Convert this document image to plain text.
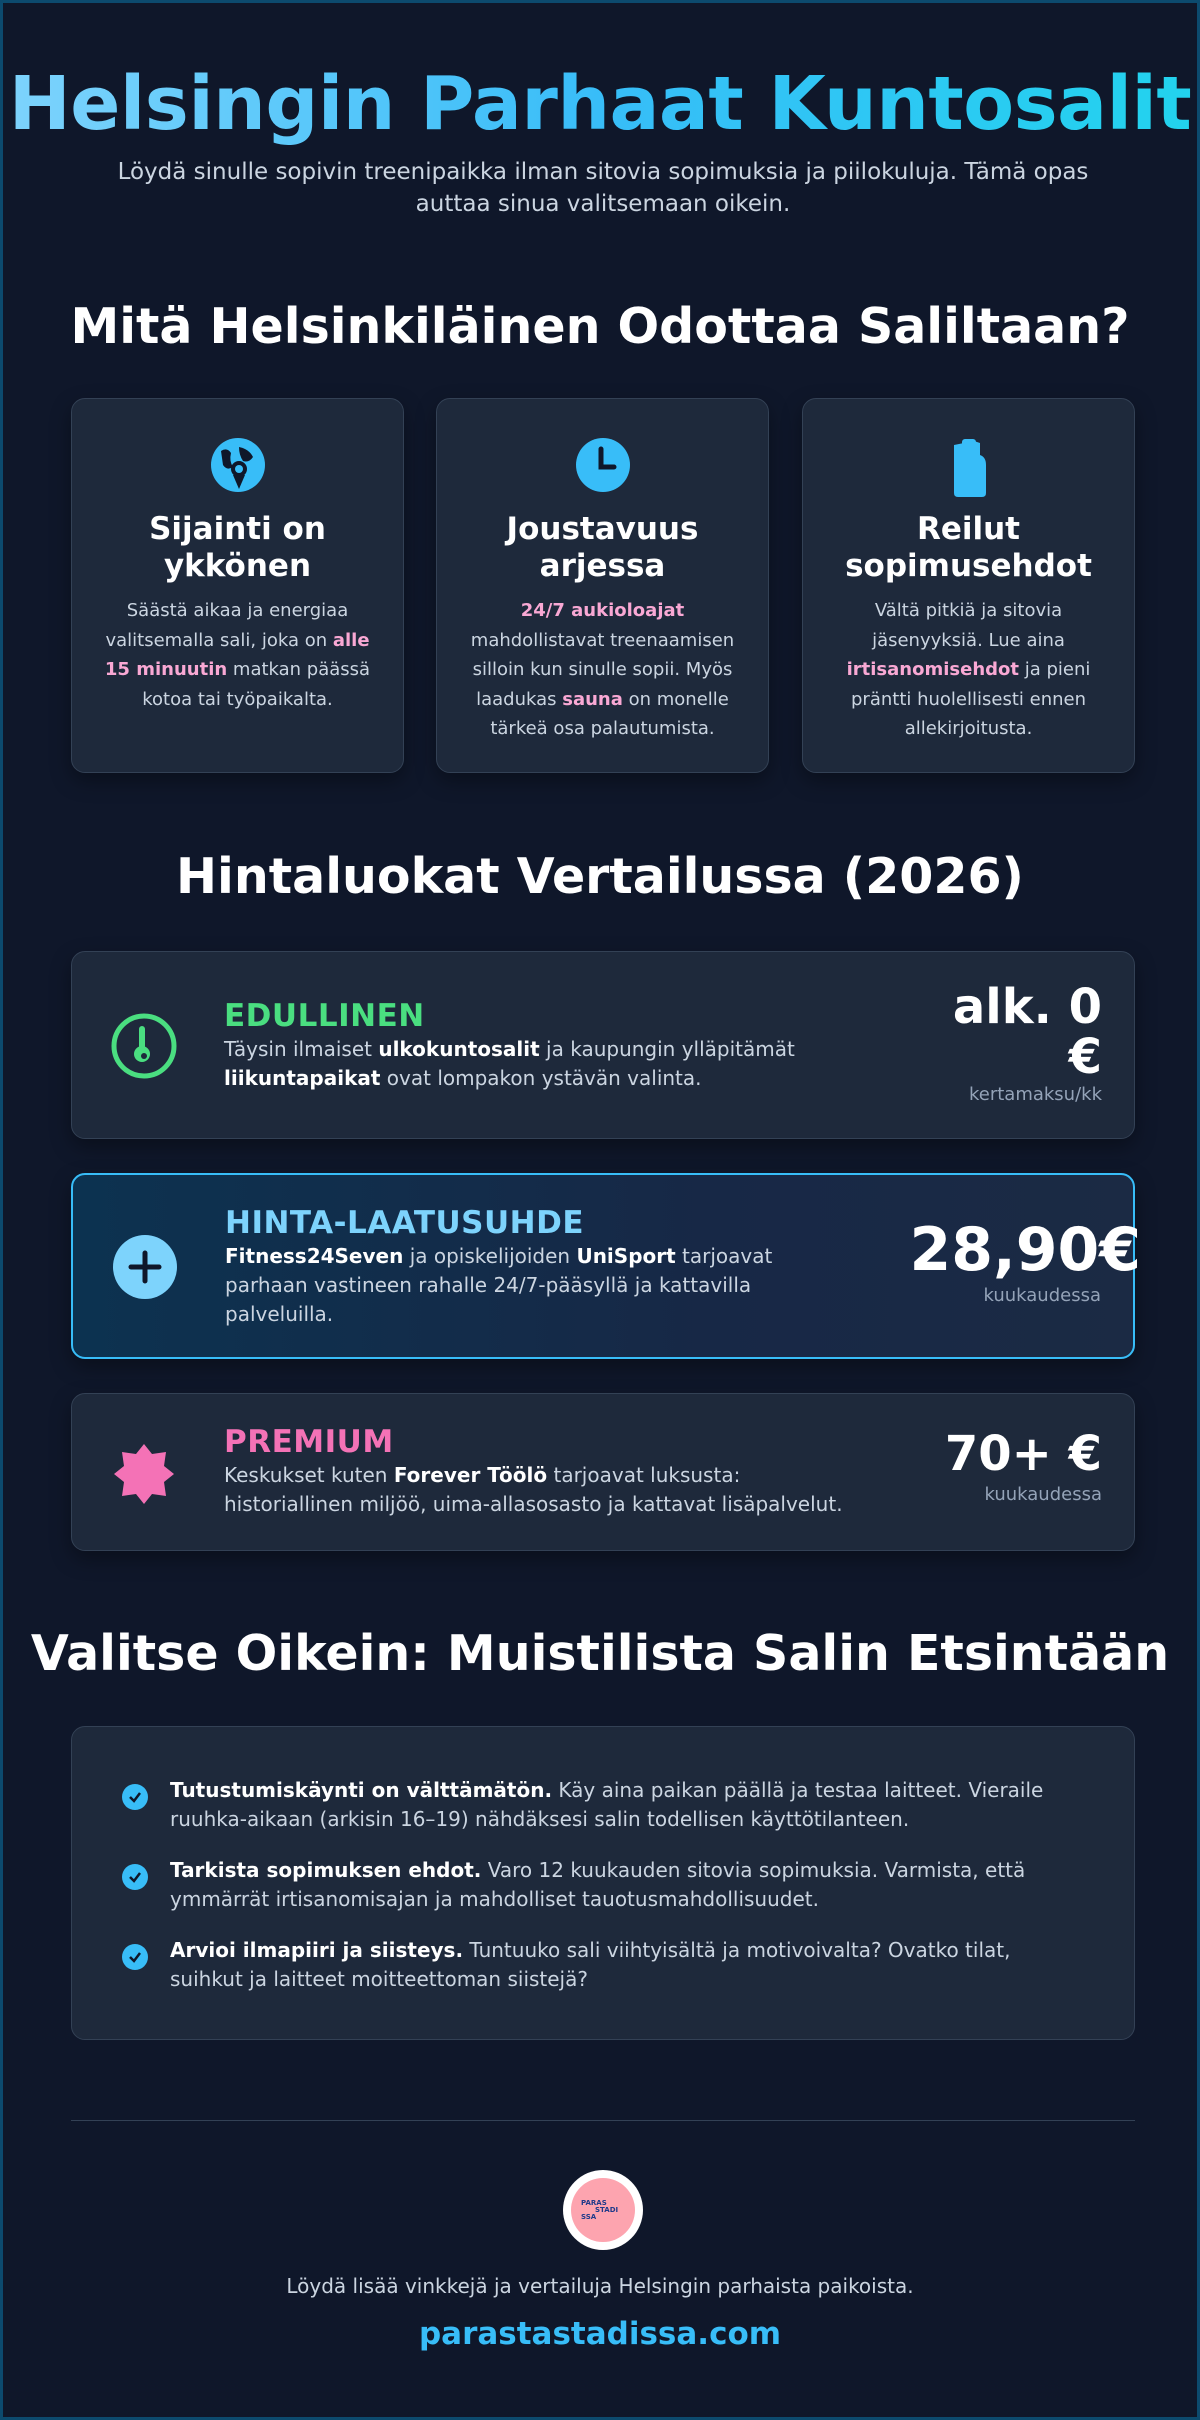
Helsingin Parhaat Kuntosalit

Löydä sinulle sopivin treenipaikka ilman sitovia sopimuksia ja piilokuluja. Tämä opas auttaa sinua valitsemaan oikein.

Mitä Helsinkiläinen Odottaa Saliltaan?
Sijainti on ykkönen

Säästä aikaa ja energiaa valitsemalla sali, joka on alle 15 minuutin matkan päässä kotoa tai työpaikalta.

Joustavuus arjessa

24/7 aukioloajat mahdollistavat treenaamisen silloin kun sinulle sopii. Myös laadukas sauna on monelle tärkeä osa palautumista.

Reilut sopimusehdot

Vältä pitkiä ja sitovia jäsenyyksiä. Lue aina irtisanomisehdot ja pieni präntti huolellisesti ennen allekirjoitusta.

Hintaluokat Vertailussa (2026)
EDULLINEN
Täysin ilmaiset ulkokuntosalit ja kaupungin ylläpitämät liikuntapaikat ovat lompakon ystävän valinta.
alk. 0
€
kertamaksu/kk
HINTA-LAATUSUHDE
Fitness24Seven ja opiskelijoiden UniSport tarjoavat parhaan vastineen rahalle 24/7-pääsyllä ja kattavilla palveluilla.
28,90€
kuukaudessa
PREMIUM
Keskukset kuten Forever Töölö tarjoavat luksusta: historiallinen miljöö, uima-allasosasto ja kattavat lisäpalvelut.
70+ €
kuukaudessa
Valitse Oikein: Muistilista Salin Etsintään
Tutustumiskäynti on välttämätön. Käy aina paikan päällä ja testaa laitteet. Vieraile ruuhka-aikaan (arkisin 16–19) nähdäksesi salin todellisen käyttötilanteen.
Tarkista sopimuksen ehdot. Varo 12 kuukauden sitovia sopimuksia. Varmista, että ymmärrät irtisanomisajan ja mahdolliset tauotusmahdollisuudet.
Arvioi ilmapiiri ja siisteys. Tuntuuko sali viihtyisältä ja motivoivalta? Ovatko tilat, suihkut ja laitteet moitteettoman siistejä?
PARAS
STADI
SSA

Löydä lisää vinkkejä ja vertailuja Helsingin parhaista paikoista.

parastastadissa.com
